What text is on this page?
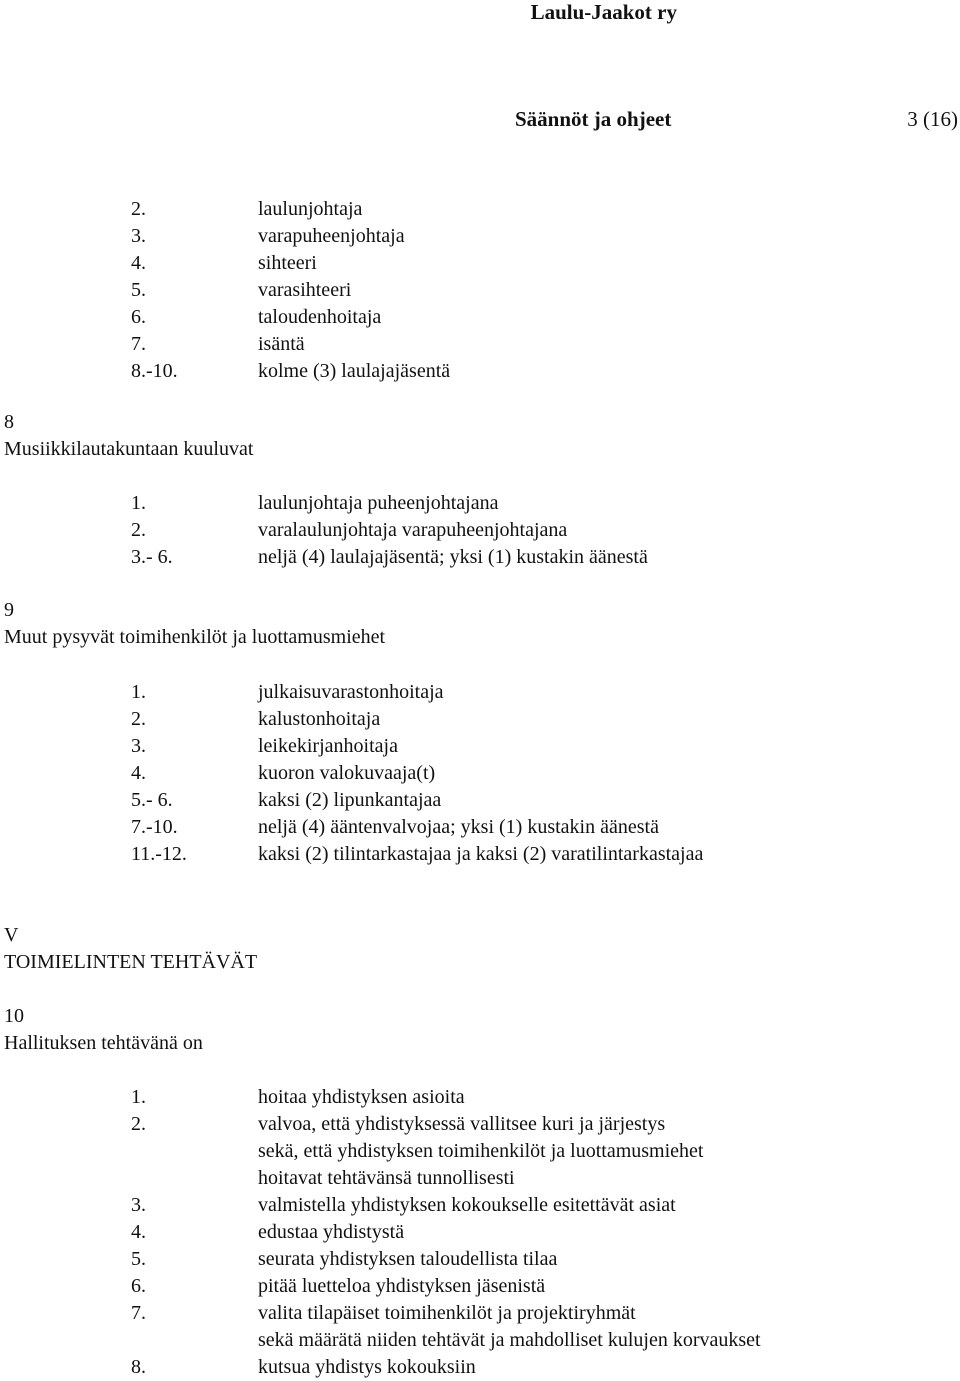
Laulu-Jaakot ry
Säännöt ja ohjeet	3 (16)
2.	laulunjohtaja
3.	varapuheenjohtaja
4.	sihteeri
5.	varasihteeri
6.	taloudenhoitaja
7.	isäntä
8.-10.	kolme (3) laulajajäsentä
8
Musiikkilautakuntaan kuuluvat
1.	laulunjohtaja puheenjohtajana
2.	varalaulunjohtaja varapuheenjohtajana
3.- 6.	neljä (4) laulajajäsentä; yksi (1) kustakin äänestä
9
Muut pysyvät toimihenkilöt ja luottamusmiehet
1.	julkaisuvarastonhoitaja
2.	kalustonhoitaja
3.	leikekirjanhoitaja
4.	kuoron valokuvaaja(t)
5.- 6.	kaksi (2) lipunkantajaa
7.-10.	neljä (4) ääntenvalvojaa; yksi (1) kustakin äänestä
11.-12.	kaksi (2) tilintarkastajaa ja kaksi (2) varatilintarkastajaa
V
TOIMIELINTEN TEHTÄVÄT
10
Hallituksen tehtävänä on
1.	hoitaa yhdistyksen asioita
2.	valvoa, että yhdistyksessä vallitsee kuri ja järjestys
sekä, että yhdistyksen toimihenkilöt ja luottamusmiehet
hoitavat tehtävänsä tunnollisesti
3.	valmistella yhdistyksen kokoukselle esitettävät asiat
4.	edustaa yhdistystä
5.	seurata yhdistyksen taloudellista tilaa
6.	pitää luetteloa yhdistyksen jäsenistä
7.	valita tilapäiset toimihenkilöt ja projektiryhmät
sekä määrätä niiden tehtävät ja mahdolliset kulujen korvaukset
8.	kutsua yhdistys kokouksiin
